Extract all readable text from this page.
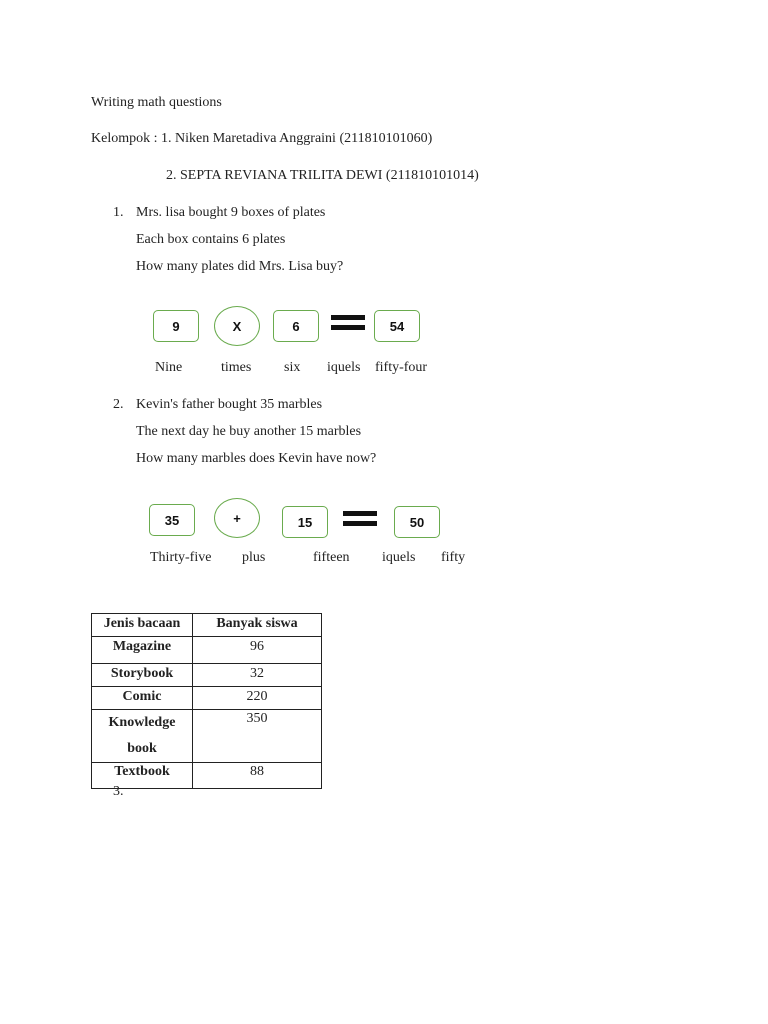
Writing math questions
Kelompok : 1. Niken Maretadiva Anggraini (211810101060)
2. SEPTA REVIANA TRILITA DEWI (211810101014)
1. Mrs. lisa bought 9 boxes of plates
Each box contains 6 plates
How many plates did Mrs. Lisa buy?
9	X	6	54
Nine	times six iquels fifty-four
2. Kevin's father bought 35 marbles
The next day he buy another 15 marbles
How many marbles does Kevin have now?
35	+	15	50
Thirty-five plus	fifteen iquels fifty
Jenis bacaan	Banyak siswa
Magazine	96
Storybook	32
Comic	220
Knowledge
book	350
Textbook	88
3.
